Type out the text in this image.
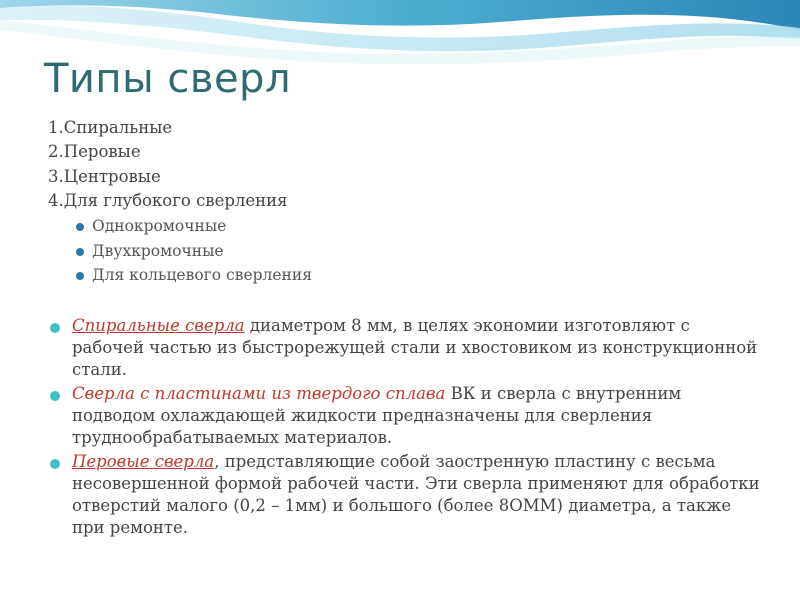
Типы сверл
1.Спиральные
2.Перовые
3.Центровые
4.Для глубокого сверления
Однокромочные
Двухкромочные
Для кольцевого сверления
Спиральные сверла диаметром 8 мм, в целях экономии изготовляют с рабочей частью из быстрорежущей стали и хвостовиком из конструкционной стали.
Сверла с пластинами из твердого сплава ВК и сверла с внутренним подводом охлаждающей жидкости предназначены для сверления труднообрабатываемых материалов.
Перовые сверла, представляющие собой заостренную пластину с весьма несовершенной формой рабочей части. Эти сверла применяют для обработки отверстий малого (0,2 – 1мм) и большого (более 8ОММ) диаметра, а также при ремонте.
